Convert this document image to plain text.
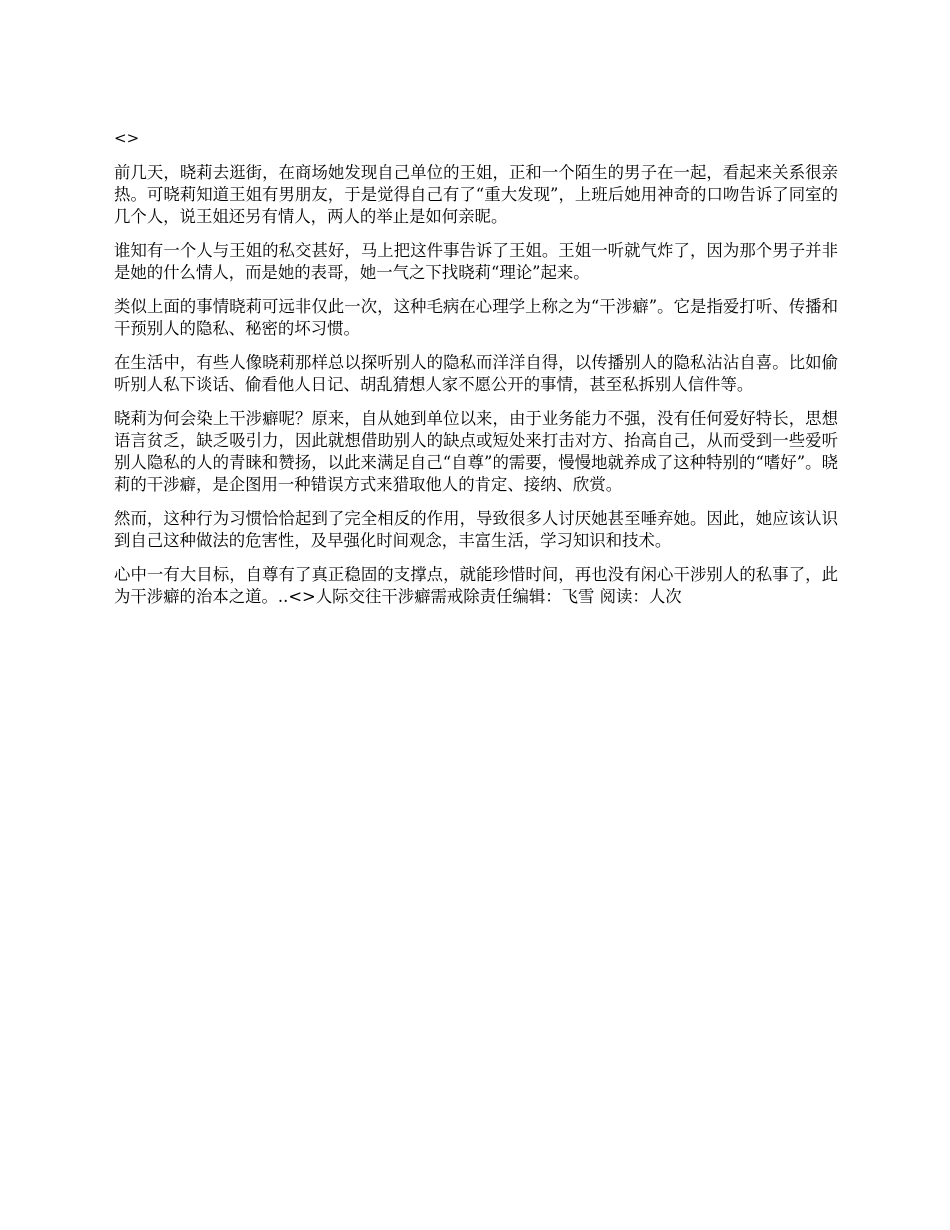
<>

前几天，晓莉去逛街，在商场她发现自己单位的王姐，正和一个陌生的男子在一起，看起来关系很亲热。可晓莉知道王姐有男朋友，于是觉得自己有了“重大发现”，上班后她用神奇的口吻告诉了同室的几个人，说王姐还另有情人，两人的举止是如何亲昵。

谁知有一个人与王姐的私交甚好，马上把这件事告诉了王姐。王姐一听就气炸了，因为那个男子并非是她的什么情人，而是她的表哥，她一气之下找晓莉“理论”起来。

类似上面的事情晓莉可远非仅此一次，这种毛病在心理学上称之为“干涉癖”。它是指爱打听、传播和干预别人的隐私、秘密的坏习惯。

在生活中，有些人像晓莉那样总以探听别人的隐私而洋洋自得，以传播别人的隐私沾沾自喜。比如偷听别人私下谈话、偷看他人日记、胡乱猜想人家不愿公开的事情，甚至私拆别人信件等。

晓莉为何会染上干涉癖呢？原来，自从她到单位以来，由于业务能力不强，没有任何爱好特长，思想语言贫乏，缺乏吸引力，因此就想借助别人的缺点或短处来打击对方、抬高自己，从而受到一些爱听别人隐私的人的青睐和赞扬，以此来满足自己“自尊”的需要，慢慢地就养成了这种特别的“嗜好”。晓莉的干涉癖，是企图用一种错误方式来猎取他人的肯定、接纳、欣赏。

然而，这种行为习惯恰恰起到了完全相反的作用，导致很多人讨厌她甚至唾弃她。因此，她应该认识到自己这种做法的危害性，及早强化时间观念，丰富生活，学习知识和技术。

心中一有大目标，自尊有了真正稳固的支撑点，就能珍惜时间，再也没有闲心干涉别人的私事了，此为干涉癖的治本之道。..<>人际交往干涉癖需戒除责任编辑：飞雪 阅读：人次
